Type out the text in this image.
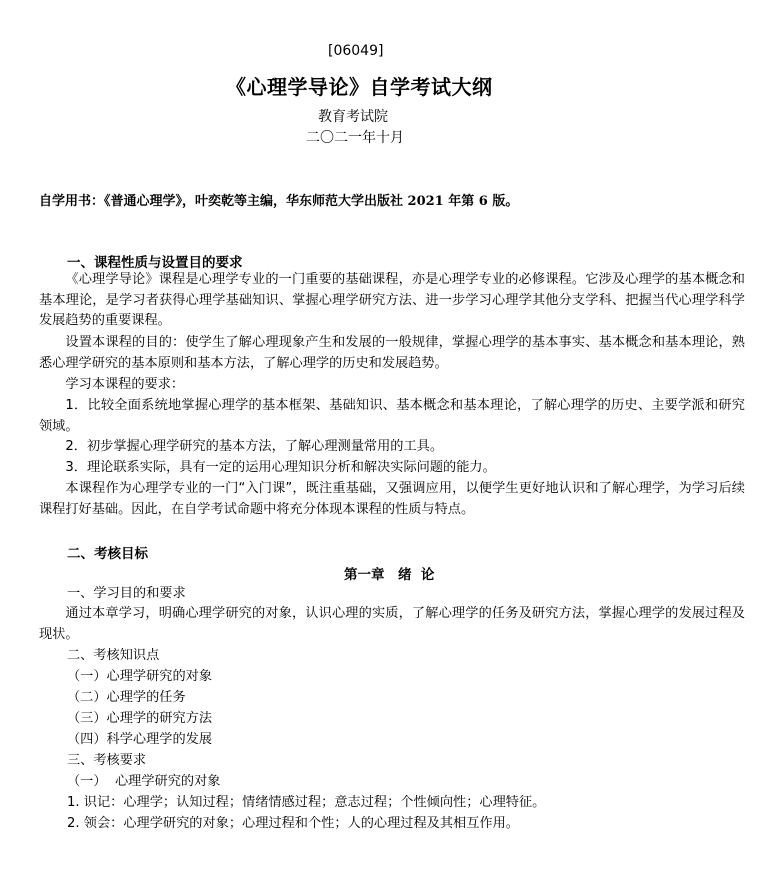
[06049]
《心理学导论》自学考试大纲
教育考试院
二〇二一年十月
自学用书：《普通心理学》，叶奕乾等主编，华东师范大学出版社 2021 年第 6 版。
一、课程性质与设置目的要求
《心理学导论》课程是心理学专业的一门重要的基础课程，亦是心理学专业的必修课程。它涉及心理学的基本概念和基本理论，是学习者获得心理学基础知识、掌握心理学研究方法、进一步学习心理学其他分支学科、把握当代心理学科学发展趋势的重要课程。
设置本课程的目的：使学生了解心理现象产生和发展的一般规律，掌握心理学的基本事实、基本概念和基本理论，熟悉心理学研究的基本原则和基本方法，了解心理学的历史和发展趋势。
学习本课程的要求：
1．比较全面系统地掌握心理学的基本框架、基础知识、基本概念和基本理论，了解心理学的历史、主要学派和研究领域。
2．初步掌握心理学研究的基本方法，了解心理测量常用的工具。
3．理论联系实际，具有一定的运用心理知识分析和解决实际问题的能力。
本课程作为心理学专业的一门“入门课”，既注重基础，又强调应用，以便学生更好地认识和了解心理学，为学习后续课程打好基础。因此，在自学考试命题中将充分体现本课程的性质与特点。
二、考核目标
第一章　绪  论
一、学习目的和要求
通过本章学习，明确心理学研究的对象，认识心理的实质，了解心理学的任务及研究方法，掌握心理学的发展过程及现状。
二、考核知识点
（一）心理学研究的对象
（二）心理学的任务
（三）心理学的研究方法
（四）科学心理学的发展
三、考核要求
（一）  心理学研究的对象
1. 识记：心理学；认知过程；情绪情感过程；意志过程；个性倾向性；心理特征。
2. 领会：心理学研究的对象；心理过程和个性；人的心理过程及其相互作用。
